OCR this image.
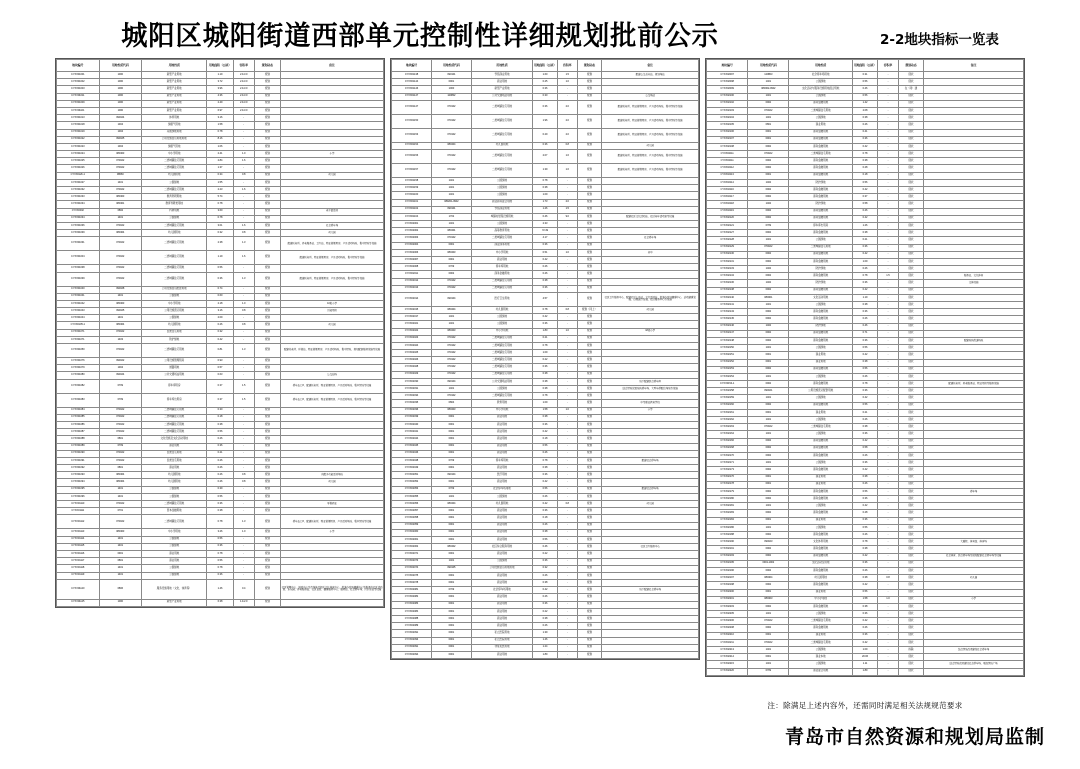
城阳区城阳街道西部单元控制性详细规划批前公示	2-2地块指标一览表
地块编号	用地性质代码	用地性质	用地面积（公顷）	容积率	规划动态	备注
CYXX01001	1000	新型产业用地	1.19	2.0-3.0	规划	
CYXX01002	1000	新型产业用地	3.72	2.0-3.0	规划	
CYXX01003	1000	新型产业用地	3.96	2.0-3.0	规划	
CYXX01011	1000	新型产业用地	4.36	2.0-3.0	规划	
CYXX01009	1000	新型产业用地	2.49	2.0-3.0	规划	
CYXX01101	1000	新型产业用地	6.97	2.0-3.0	规划	
CYXX01013	090104	体育用地	3.16	-	规划	
CYXX01018	1304	绿廊气用地	1.58	-	规划	
CYXX01019	1304	其他绿地用地	0.78	-	规划	
CYXX01022	090105	公用设施营运用地用地	8.16	-	规划	
CYXX01023	1304	绿廊气用地	1.06	-	规划	
CYXX01024	080403	中小学用地	2.41	1.0	规划	小学
CYXX01025	070102	二类城镇住宅用地	2.84	1.6	规划	
CYXX01026	070102	二类城镇住宅用地	1.37	-	规划	
CYXX012b-1	08060	幼儿园用地	0.34	0.8	规划	幼儿园
CYXX01027	1401	公园绿地	1.55	-	规划	
CYXX01032	070102	二类城镇住宅用地	2.23	1.6	规划	
CYXX01033	080403	教育科研用地	5.74	-	规划	
CYXX01034	080401	教育科研类用地	0.78	-	规划	
CYXX0002	0802	科研用地	3.60	-	规划	老干部活动
CYXX01034	1401	公园绿地	0.78	-	规划	
CYXX01036	070102	二类城镇住宅用地	3.01	1.6	规划	社会停车场
CYXX01039	080404	幼儿园用地	0.32	0.8	规划	幼儿园
CYXX01031	070102	二类城镇住宅用地	2.38	1.3	规划	配建托老所、养老服务站、卫生站、物业管理用房、户外活动场地、集中绿地等设施
CYXX01004	070102	二类城镇住宅用地	1.19	1.6	规划	配建托老所、物业管理用房、户外活动场地、集中绿地等设施
CYXX01038	070102	二类城镇住宅用地	0.56	-	规划	
CYXX01039	070102	二类城镇住宅用地	0.36	1.3	规划	配建托老所、物业管理用房、户外活动场地、集中绿地等设施
CYXX01040	090108	公用设施营运配套用地	0.74	-	规划	
CYXX01041	1401	公园绿地	0.60	-	规划	
CYXX01042	080403	中小学用地	2.18	1.0	规划	10班小学
CYXX01043	090105	公用设施营运用地	3.16	0.8	规划	污能用房
CYXX01044	1401	公园绿地	2.09	-	规划	
CYXX0105-1	080404	幼儿园用地	0.26	0.8	规划	幼儿园
CYXX01071	070102	四类住宅用地	0.32	-	规划	
CYXX01071	1403	防护绿地	0.42	-	规划	
CYXX01050	070102	二类城镇住宅用地	0.81	1.3	规划	配建托老所、环管站、物业管理用房、户外活动场地、集中绿地、规划配套服务设施等设施
CYXX01076	090102	公用设施管理用房	0.93	-	规划	
CYXX01079	1304	道路用地	0.57	-	规划	
CYXX01080	090104	公共交通场站用地	0.63	-	规划	公交站场
CYXX01082	0709	停车库用房	0.37	1.5	规划	停车出口X、配建托老所、物业管理用房、户外活动场地、集中绿地等设施
CYXX01083	0709	停车库出用房	0.37	1.5	规划	停车出口X、配建托老所、物业管理用房、户外活动场地、集中绿地等设施
CYXX01084	070102	二类城镇住宅用地	0.30	-	规划	
CYXX01085	070102	二类城镇住宅用地	0.18	-	规划	
CYXX01086	070102	二类城镇住宅用地	0.38	-	规划	
CYXX01087	070102	二类城镇住宅用地	0.56	-	规划	
CYXX01088	0801	文化设施及文化活动用地	0.26	-	规划	
CYXX01089	0709	商业用地	0.36	-	规划	
CYXX01090	070102	四类住宅用地	0.21	-	规划	
CYXX01091	070102	四类住宅用地	0.26	-	规划	
CYXX01092	0801	商业用地	0.26	-	规划	
CYXX01093	080404	幼儿园用地	0.26	0.8	规划	内配多功能活动场地
CYXX01094	080404	幼儿园用地	0.26	0.8	规划	幼儿园
CYXX01095	1401	公园绿地	0.39	-	规划	
CYXX01096	1401	公园绿地	0.56	-	规划	
CYXX01110	070102	二类城镇住宅用地	0.36	-	规划	零售商业
CYXX01111	0701	西本金融用地	0.38	-	规划	
CYXX01112	070102	二类城镇住宅用地	0.78	1.3	规划	停车出口X、配建托老所、物业管理用房、户外活动场地、集中绿地等设施
CYXX01113	080403	中小学用地	3.26	1.0	规划	小学
CYXX01114	1401	公园绿地	0.56	-	规划	
CYXX01115	1401	公园绿地	0.36	-	规划	
CYXX01116	0901	商业用地	0.78	-	规划	
CYXX01117	0801	商业用地	0.56	-	规划	
CYXX01118	1401	公园绿地	0.78	-	规划	
CYXX01119	1401	公园绿地	0.36	-	规划	
CYXX01120	0806	服务设施用地（文化、体育等）	1.46	0.4	规划	社区管理中心、居委中心及市场体及相关文化体育中心、街道办区域健康中心等服务的社区活动室、乐乐园、养老服务站、社区食堂、健康服务中心、服务站、社会停车场、污水泵站等设施
CYXX01125	1000	新型产业用地	6.38	1.0-2.0	规划	
地块编号	用地性质代码	用地性质	用地面积（公顷）	容积率	规划动态	备注
CYXX01138	090101	零售商业用地	1.60	1.5	规划	配建公交首末站、规划场站
CYXX01144	0901	商业用地	0.25	1.0	规划	
CYXX01146	1000	新型产业用地	0.36	-	规划	
CYXX01147	120802	公共交通场站用地	0.30	-	规划	公交场站
CYXX01147	070102	二类城镇住宅用地	0.36	2.0	规划	配建托老所、物业管理用房、户外活动场地、集中绿地等设施
CYXX01150	070102	二类城镇住宅用地	1.96	2.0	规划	配建托老所、物业管理用房、户外活动场地、集中绿地等设施
CYXX01153	070102	二类城镇住宅用地	0.29	2.0	规划	配建托老所、物业管理用房、户外活动场地、集中绿地等设施
CYXX01154	080404	幼儿园用地	0.36	0.8	规划	幼儿园
CYXX01156	070102	二类城镇住宅用地	2.07	1.6	规划	配建托老所、物业管理用房、户外活动场地、集中绿地等设施
CYXX01157	070102	二类城镇住宅用地	1.39	1.6	规划	配建托老所、物业管理用房、户外活动场地、集中绿地等设施
CYXX01158	1401	公园绿地	0.78	-	规划	
CYXX01159	1401	公园绿地	0.38	-	规划	
CYXX01160	1401	公园绿地	1.09	-	规划	
CYXX01161	080201-0902	商业商务混合用地	1.73	2.0	规划	
CYXX01162	090101	零售商业用地	1.26	1.5	规划	
CYXX01164	1702	城镇村居集设施用地	0.46	9.0	规划	配建社区文化活动站、社区老年活动室等设施
CYXX02001	1401	公园绿地	2.33	-	规划	
CYXX02002	080401	高等教育用地	72.49	-	规划	
CYXX02003	070102	二类城镇住宅用地	4.17	-	规划	社会停车场
CYXX02004	0901	商业商务用地	0.36	-	规划	
CYXX02006	080403	中小学用地	0.51	1.0	规划	初中
CYXX02007	0901	商业用地	0.42	-	规划	
CYXX02008	0709	停车库用地	0.26	-	规划	
CYXX02011	0902	商务金融用地	0.26	-	规划	
CYXX02012	070102	二类城镇住宅用地	0.38	-	规划	
CYXX02013	070102	二类城镇住宅用地	0.36	-	规划	
CYXX02014	090104	医疗卫生用地	4.57	-	规划	社区卫生服务中心、配建社区公共站、文化活动站、街道办区域健康中心、运动建康发展、远程医疗发展、社区服务中心等设施
CYXX02015	080404	幼儿园用地	0.78	0.8	规划（同上）	幼儿园
CYXX02017	1401	公园绿地	0.42	-	规划	
CYXX02021	1401	公园绿地	0.36	-	规划	
CYXX02022	080403	中小学用地	1.80	1.0	规划	18班小学
CYXX02023	070102	二类城镇住宅用地	0.21	-	规划	
CYXX02024	070102	二类城镇住宅用地	0.78	-	规划	
CYXX02025	070102	二类城镇住宅用地	1.09	-	规划	
CYXX02026	070102	二类城镇住宅用地	0.22	-	规划	
CYXX02028	070102	二类城镇住宅用地	0.36	-	规划	
CYXX02029	070102	二类城镇住宅用地	0.38	-	规划	
CYXX02030	090104	公共交通场站用地	0.38	-	规划	地下配建综合停车库
CYXX02031	1401	公园绿地	0.38	-	规划	结合绿地设置地块停车场、大型车停配位场地等设施
CYXX02034	070102	二类城镇住宅用地	0.78	-	规划	
CYXX02035	0804	教育用地	1.09	-	规划	中等职业教育学校
CYXX02036	080403	中小学用地	1.58	1.0	规划	小学
CYXX02039	0901	商业用地	0.38	-	规划	
CYXX02040	0901	商业用地	0.36	-	规划	
CYXX02041	0901	商业用地	0.42	-	规划	
CYXX02044	0901	商业用地	0.18	-	规划	
CYXX02045	0901	商业用地	0.56	-	规划	
CYXX02046	0901	商业用地	0.26	-	规划	
CYXX02048	0709	停车库用地	0.78	-	规划	配建社会停车场
CYXX02049	0901	商业用地	0.38	-	规划	
CYXX02051	090104	医疗用地	0.36	-	规划	
CYXX02052	0901	商业用地	0.42	-	规划	
CYXX02053	0709	社会停车场用地	0.56	-	规划	配建社会停车场
CYXX02055	1401	公园绿地	0.26	-	规划	
CYXX02056	080404	幼儿园用地	0.42	0.8	规划	幼儿园
CYXX02057	0901	商业用地	0.36	-	规划	
CYXX02058	0901	商业用地	0.18	-	规划	
CYXX02059	0901	商业用地	0.26	-	规划	
CYXX02060	0901	商业用地	0.38	-	规划	
CYXX02061	0901	商业用地	0.56	-	规划	
CYXX02062	080402	社区综合服务用地	0.46	-	规划	社区卫生服务中心
CYXX02071	0901	商业用地	0.22	-	规划	
CYXX02073	1401	公园绿地	0.36	-	规划	
CYXX02074	090105	公用设施营运用地用地	0.32	-	规划	
CYXX02075	0901	商业用地	0.26	-	规划	
CYXX02078	0901	商业用地	0.38	-	规划	
CYXX02081	0709	社会停车场用地	0.42	-	规划	地下配建社会停车场
CYXX02082	0901	商业用地	0.26	-	规划	
CYXX02083	0901	商业用地	0.36	-	规划	
CYXX02084	0901	商业用地	0.22	-	规划	
CYXX02088	0901	商业用地	0.38	-	规划	
CYXX02089	0901	商业用地	0.26	-	规划	
CYXX02091	0901	私立医院用地	1.39	-	规划	
CYXX02093	0901	私立医院用地	1.46	-	规划	
CYXX02091	0901	非常见医用地	1.24	-	规划	
CYXX02094	0901	商业用地	1.89	-	规划	
地块编号	用地性质代码	用地性质	用地面积（公顷）	容积率	规划动态	备注
CYXX02097	120803	社会停车场用地	0.31	-	现状	
CYXX02098	1401	公园绿地	0.56	-	现状	
CYXX02099	080302-0902	文化活动与服务设施用地混合用地	0.46	-	在（同）建	
CYXX02100	1401	公园绿地	0.56	-	现状	
CYXX02102	0902	商务金融用地	1.42	-	现状	
CYXX02103	070102	二类城镇住宅用地	2.08	-	现状	
CYXX02104	1401	公园绿地	0.38	-	现状	
CYXX02105	0801	商业用地	0.26	-	现状	
CYXX02106	0901	商务金融用地	0.41	-	现状	
CYXX02107	0901	商务金融用地	0.36	-	现状	
CYXX02108	0902	商务金融用地	0.42	-	现状	
CYXX02111	070102	二类城镇住宅用地	0.78	-	现状	
CYXX02111	0902	商务金融用地	0.38	-	现状	
CYXX02112	0902	商务金融用地	0.28	-	现状	
CYXX02113	0901	商务金融用地	0.18	-	现状	
CYXX02114	1402	防护绿地	0.56	-	现状	
CYXX02116	0902	商务金融用地	0.42	-	现状	
CYXX02117	0902	商务金融用地	0.37	-	现状	
CYXX02118	1402	防护绿地	0.58	-	现状	
CYXX02119	0902	商务金融用地	0.26	-	现状	
CYXX02120	0902	商务金融用地	0.42	-	现状	
CYXX02121	0709	停车库出用房	1.26	-	现状	
CYXX02127	0902	商务金融用地	0.38	-	现状	
CYXX02128	1401	公园绿地	0.21	-	现状	
CYXX02129	070102	二类城镇住宅用地	0.36	-	现状	
CYXX02130	0902	商务金融用地	0.42	-	现状	
CYXX02131	0902	商务金融用地	1.09	-	现状	
CYXX02133	1402	防护绿地	0.26	-	现状	
CYXX02134	0902	商务金融用地	0.78	1.5	现状	服务业、文化体育
CYXX02136	1402	防护绿地	0.36	-	现状	文体设施
CYXX02138	0902	商务金融用地	0.42	-	现状	
CYXX02140	080301	文化活动用地	1.19	-	现状	
CYXX02141	1401	公园绿地	0.38	-	现状	
CYXX02143	0902	商务金融用地	0.36	-	现状	
CYXX02145	0902	商务金融用地	0.26	-	现状	
CYXX02146	1402	防护绿地	0.46	-	现状	
CYXX02147	0902	商务金融用地	0.71	-	现状	
CYXX02148	0902	商务金融用地	0.36	-	现状	配建地块街道场地
CYXX02150	1401	公园绿地	0.56	-	现状	
CYXX02151	0901	商业用地	0.42	-	现状	
CYXX02152	0901	商业用地	0.38	-	现状	
CYXX02153	0902	商务金融用地	0.56	-	现状	
CYXX02154	1401	公园绿地	0.26	-	现状	
CYXX0154-1	0902	商务金融用地	0.78	-	现状	配建托老所、养老服务站、物业用房等服务设施
CYXX02158	090101	公用设施营运配套用地	0.36	-	现状	
CYXX02159	1401	公园绿地	0.42	-	现状	
CYXX02160	0902	商务金融用地	0.56	-	现状	
CYXX02161	0901	商业用地	0.21	-	现状	
CYXX02162	1401	公园绿地	0.26	-	现状	
CYXX02163	070102	二类城镇住宅用地	0.38	-	现状	
CYXX02164	1401	公园绿地	0.36	-	现状	
CYXX02166	0902	商务金融用地	0.42	-	现状	
CYXX02168	0902	商务金融用地	0.58	-	现状	
CYXX02170	0902	商务金融用地	0.26	-	现状	
CYXX02171	1401	公园绿地	0.36	-	现状	
CYXX02173	0902	商务金融用地	0.42	-	现状	
CYXX02176	0901	商业用地	0.38	-	现状	
CYXX02178	0901	商业用地	0.26	-	现状	
CYXX02179	0902	商务金融用地	0.56	-	现状	停车场
CYXX02180	0902	商务金融用地	0.36	-	现状	
CYXX02181	1401	公园绿地	0.42	-	现状	
CYXX02183	0902	商务金融用地	0.28	-	现状	
CYXX02184	0901	商业用地	0.36	-	现状	
CYXX02186	1401	公园绿地	0.56	-	现状	
CYXX02188	0902	商务金融用地	0.26	-	现状	
CYXX02190	090103	文化体育用地	0.78	-	现状	大剧院、体育馆、体育场
CYXX02191	0902	商务金融用地	0.38	-	现状	
CYXX02193	0902	商务金融用地	0.42	-	现状	社会体育、综合停车场及规划配套社会停车场等设施
CYXX02195	0901-1902	文化活动及用地	0.36	-	现状	
CYXX02196	0902	商务金融用地	0.26	-	现状	
CYXX02197	080404	幼儿园用地	0.38	0.8	现状	幼儿园
CYXX02198	0902	商务金融用地	0.42	-	现状	
CYXX02200	0901	商业用地	0.56	-	现状	
CYXX02201	080403	中小学用地	1.58	1.0	现状	小学
CYXX02203	0902	商务金融用地	0.38	-	现状	
CYXX02205	1401	公园绿地	0.36	-	现状	
CYXX02206	070102	二类城镇住宅用地	0.42	-	现状	
CYXX02208	0902	商务金融用地	0.26	-	现状	
CYXX02210	0901	商业用地	0.36	-	现状	
CYXX02211	070102	二类城镇住宅用地	0.42	-	现状	
CYXX02213	1401	公园绿地	1.09	-	拆除	结合绿地改造建设社会停车场
CYXX02214	0901	商业本地	20.06	-	现状	
CYXX02215	1401	公园绿地	1.11	-	现状	结合绿地改造建设社会停车场、增加绿地广场
CYXX02220	0709	商业混合用地	1.89	-	现状	
注：除满足上述内容外，还需同时满足相关法规规范要求
青岛市自然资源和规划局监制
